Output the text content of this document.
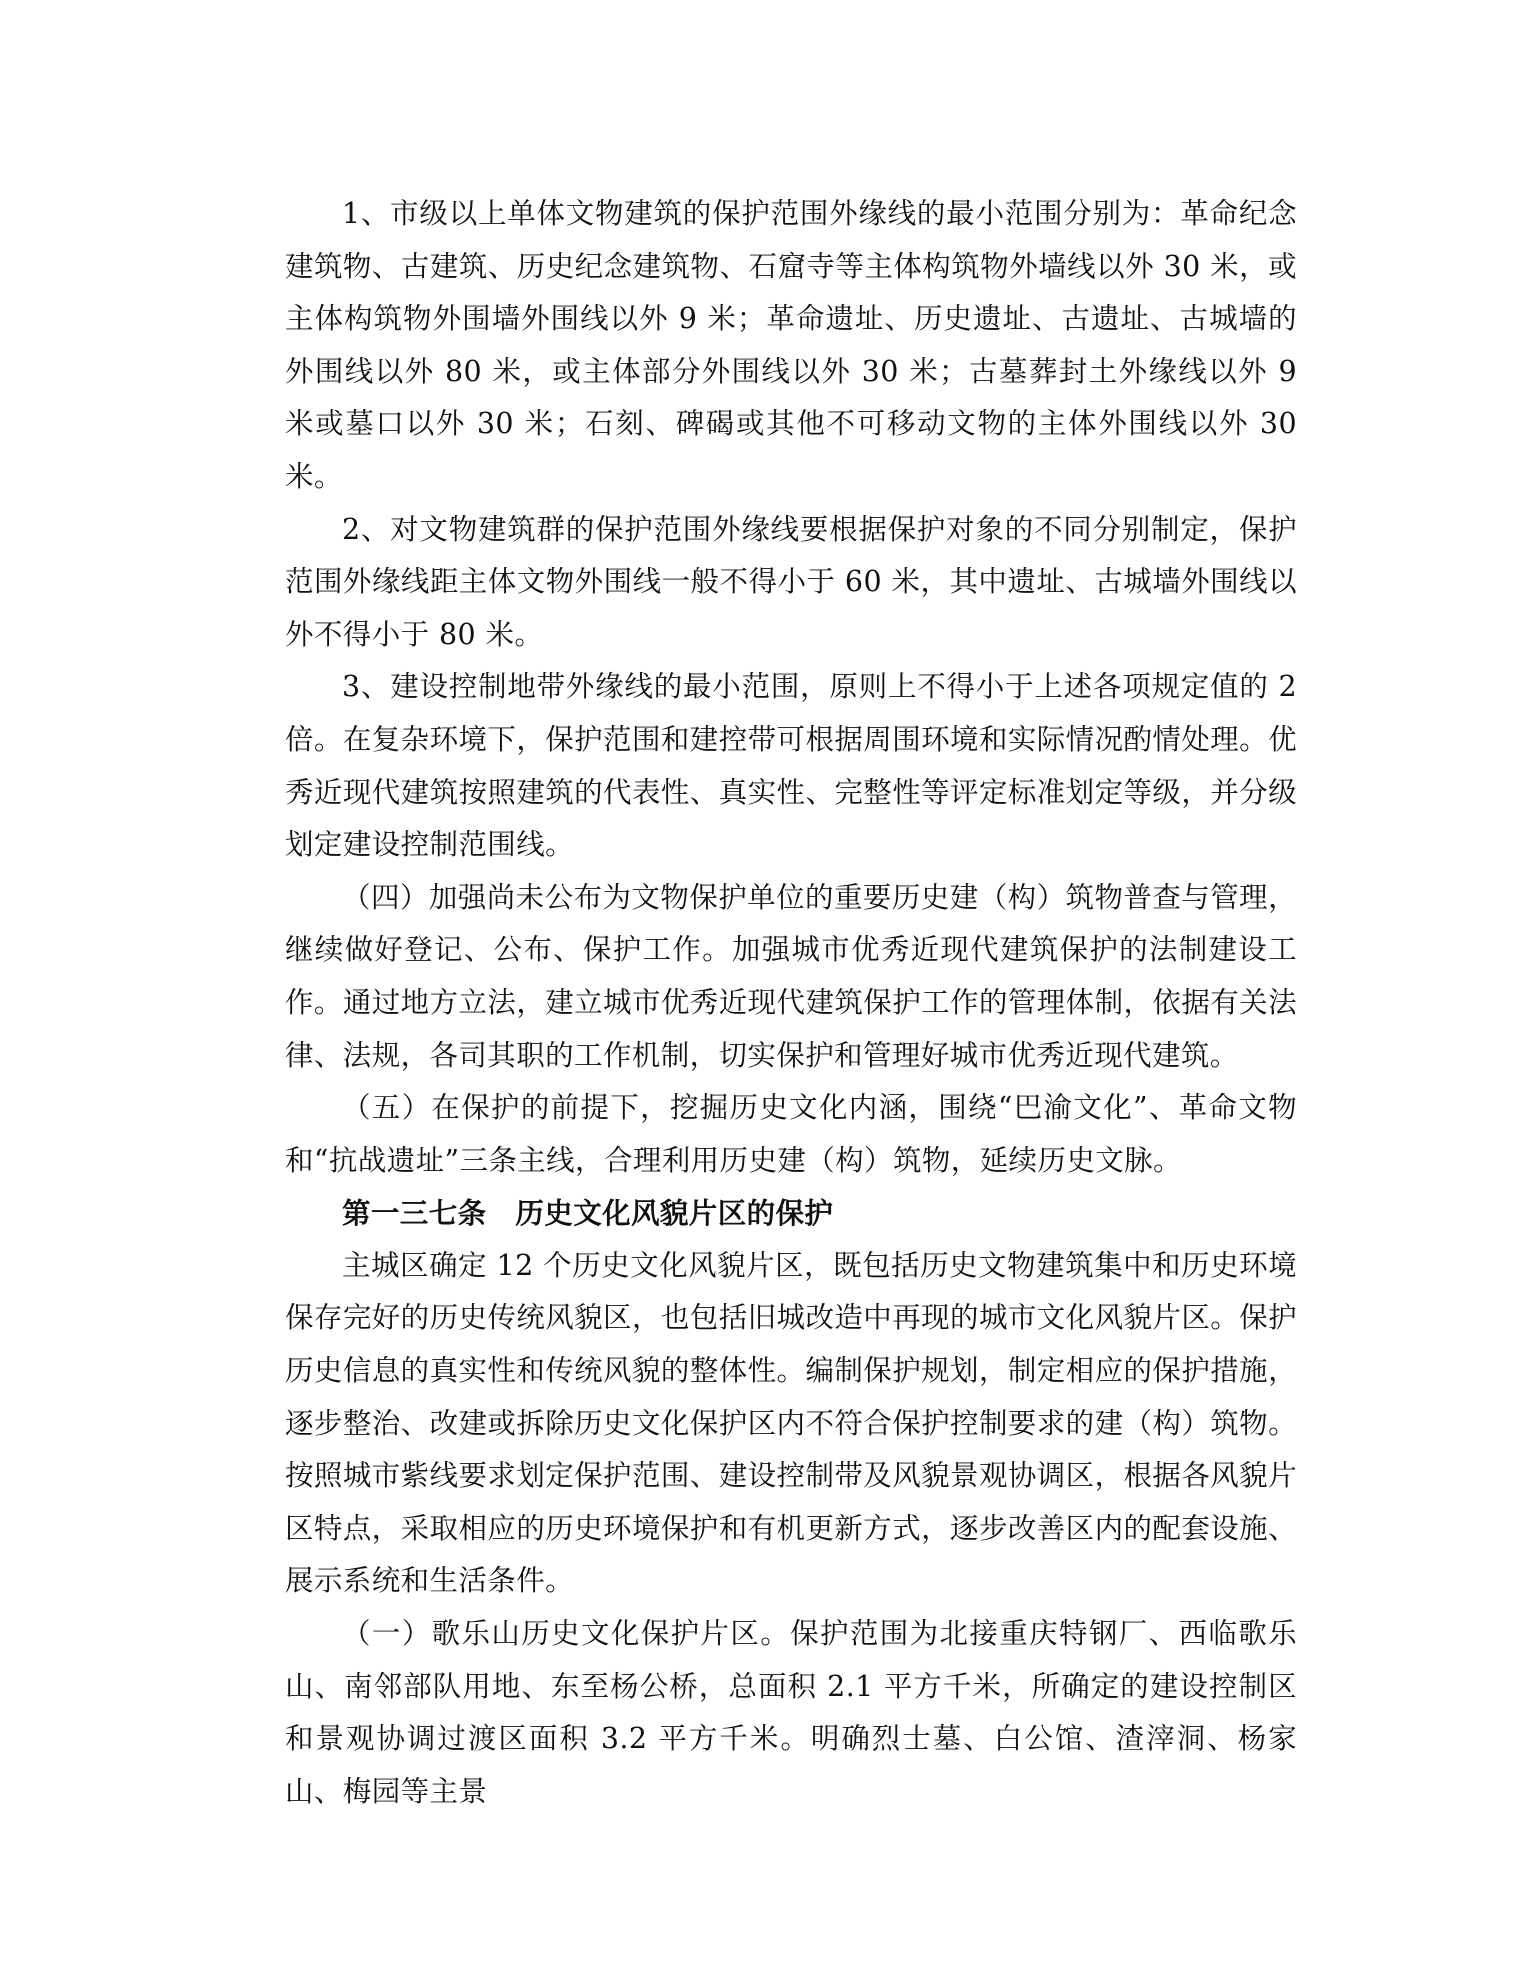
1、市级以上单体文物建筑的保护范围外缘线的最小范围分别为：革命纪念建筑物、古建筑、历史纪念建筑物、石窟寺等主体构筑物外墙线以外 30 米，或主体构筑物外围墙外围线以外 9 米；革命遗址、历史遗址、古遗址、古城墙的外围线以外 80 米，或主体部分外围线以外 30 米；古墓葬封土外缘线以外 9 米或墓口以外 30 米；石刻、碑碣或其他不可移动文物的主体外围线以外 30 米。

2、对文物建筑群的保护范围外缘线要根据保护对象的不同分别制定，保护范围外缘线距主体文物外围线一般不得小于 60 米，其中遗址、古城墙外围线以外不得小于 80 米。

3、建设控制地带外缘线的最小范围，原则上不得小于上述各项规定值的 2 倍。在复杂环境下，保护范围和建控带可根据周围环境和实际情况酌情处理。优秀近现代建筑按照建筑的代表性、真实性、完整性等评定标准划定等级，并分级划定建设控制范围线。

（四）加强尚未公布为文物保护单位的重要历史建（构）筑物普查与管理，继续做好登记、公布、保护工作。加强城市优秀近现代建筑保护的法制建设工作。通过地方立法，建立城市优秀近现代建筑保护工作的管理体制，依据有关法律、法规，各司其职的工作机制，切实保护和管理好城市优秀近现代建筑。

（五）在保护的前提下，挖掘历史文化内涵，围绕“巴渝文化”、革命文物和“抗战遗址”三条主线，合理利用历史建（构）筑物，延续历史文脉。

第一三七条　历史文化风貌片区的保护

主城区确定 12 个历史文化风貌片区，既包括历史文物建筑集中和历史环境保存完好的历史传统风貌区，也包括旧城改造中再现的城市文化风貌片区。保护历史信息的真实性和传统风貌的整体性。编制保护规划，制定相应的保护措施，逐步整治、改建或拆除历史文化保护区内不符合保护控制要求的建（构）筑物。按照城市紫线要求划定保护范围、建设控制带及风貌景观协调区，根据各风貌片区特点，采取相应的历史环境保护和有机更新方式，逐步改善区内的配套设施、展示系统和生活条件。

（一）歌乐山历史文化保护片区。保护范围为北接重庆特钢厂、西临歌乐山、南邻部队用地、东至杨公桥，总面积 2.1 平方千米，所确定的建设控制区和景观协调过渡区面积 3.2 平方千米。明确烈士墓、白公馆、渣滓洞、杨家山、梅园等主景
